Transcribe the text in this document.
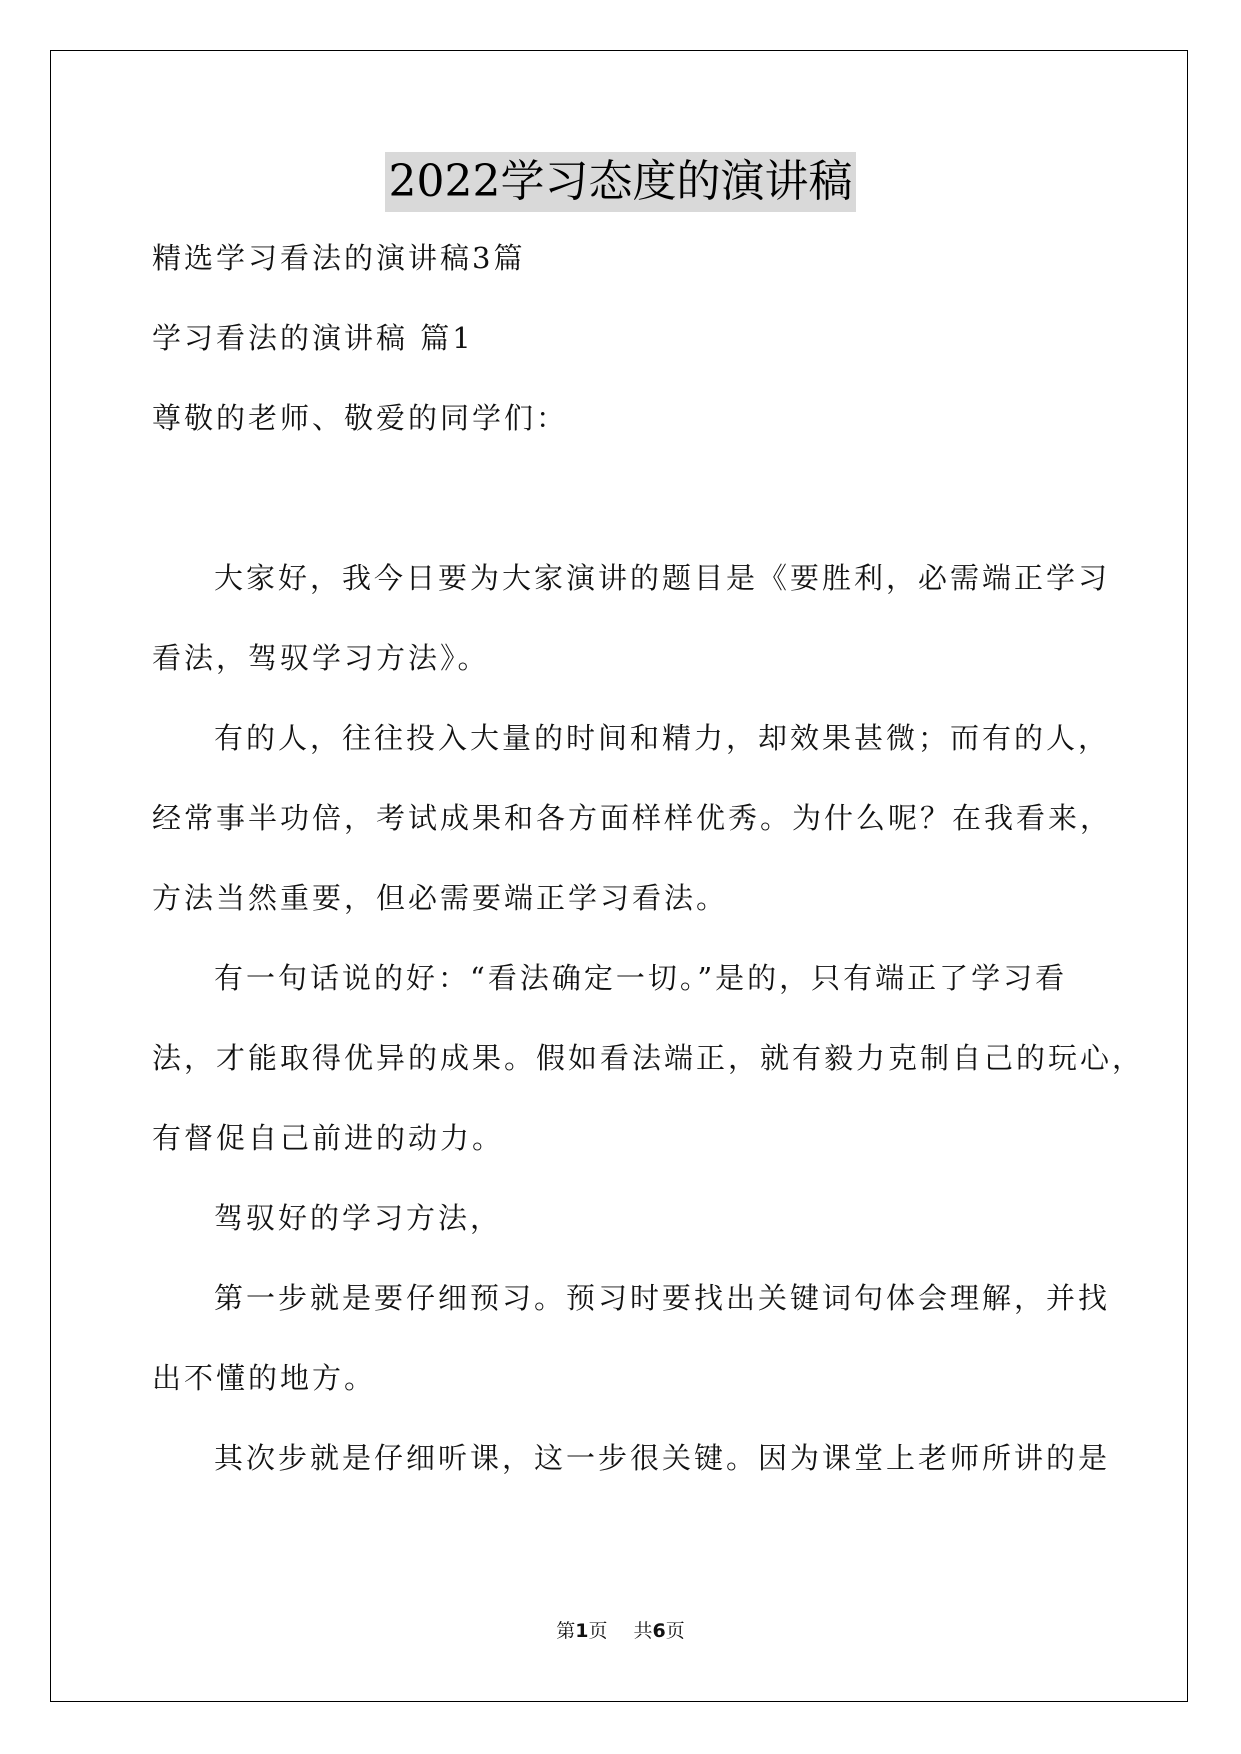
2022学习态度的演讲稿
精选学习看法的演讲稿3篇
学习看法的演讲稿 篇1
尊敬的老师、敬爱的同学们：
大家好，我今日要为大家演讲的题目是《要胜利，必需端正学习
看法，驾驭学习方法》。
有的人，往往投入大量的时间和精力，却效果甚微；而有的人，
经常事半功倍，考试成果和各方面样样优秀。为什么呢？在我看来，
方法当然重要，但必需要端正学习看法。
有一句话说的好：“看法确定一切。”是的，只有端正了学习看
法，才能取得优异的成果。假如看法端正，就有毅力克制自己的玩心，
有督促自己前进的动力。
驾驭好的学习方法，
第一步就是要仔细预习。预习时要找出关键词句体会理解，并找
出不懂的地方。
其次步就是仔细听课，这一步很关键。因为课堂上老师所讲的是
第1页 共6页
